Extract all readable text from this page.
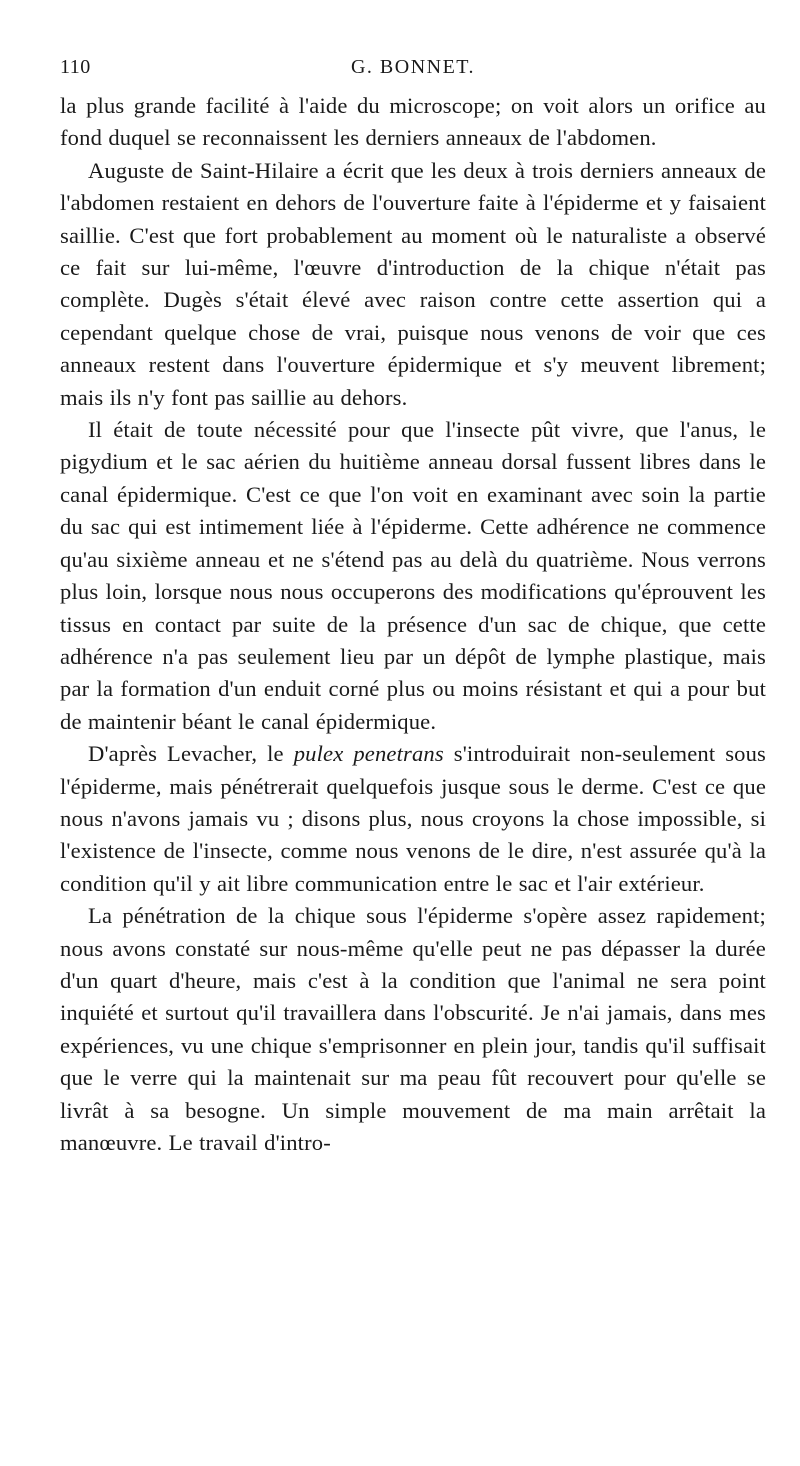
110	G. BONNET.

la plus grande facilité à l'aide du microscope; on voit alors un orifice au fond duquel se reconnaissent les derniers anneaux de l'abdomen.

Auguste de Saint-Hilaire a écrit que les deux à trois derniers anneaux de l'abdomen restaient en dehors de l'ouverture faite à l'épiderme et y faisaient saillie. C'est que fort probablement au moment où le naturaliste a observé ce fait sur lui-même, l'œuvre d'introduction de la chique n'était pas complète. Dugès s'était élevé avec raison contre cette assertion qui a cependant quelque chose de vrai, puisque nous venons de voir que ces anneaux restent dans l'ouverture épidermique et s'y meuvent librement; mais ils n'y font pas saillie au dehors.

Il était de toute nécessité pour que l'insecte pût vivre, que l'anus, le pigydium et le sac aérien du huitième anneau dorsal fussent libres dans le canal épidermique. C'est ce que l'on voit en examinant avec soin la partie du sac qui est intimement liée à l'épiderme. Cette adhérence ne commence qu'au sixième anneau et ne s'étend pas au delà du quatrième. Nous verrons plus loin, lorsque nous nous occuperons des modifications qu'éprouvent les tissus en contact par suite de la présence d'un sac de chique, que cette adhérence n'a pas seulement lieu par un dépôt de lymphe plastique, mais par la formation d'un enduit corné plus ou moins résistant et qui a pour but de maintenir béant le canal épidermique.

D'après Levacher, le pulex penetrans s'introduirait non-seulement sous l'épiderme, mais pénétrerait quelquefois jusque sous le derme. C'est ce que nous n'avons jamais vu ; disons plus, nous croyons la chose impossible, si l'existence de l'insecte, comme nous venons de le dire, n'est assurée qu'à la condition qu'il y ait libre communication entre le sac et l'air extérieur.

La pénétration de la chique sous l'épiderme s'opère assez rapidement; nous avons constaté sur nous-même qu'elle peut ne pas dépasser la durée d'un quart d'heure, mais c'est à la condition que l'animal ne sera point inquiété et surtout qu'il travaillera dans l'obscurité. Je n'ai jamais, dans mes expériences, vu une chique s'emprisonner en plein jour, tandis qu'il suffisait que le verre qui la maintenait sur ma peau fût recouvert pour qu'elle se livrât à sa besogne. Un simple mouvement de ma main arrêtait la manœuvre. Le travail d'intro-
